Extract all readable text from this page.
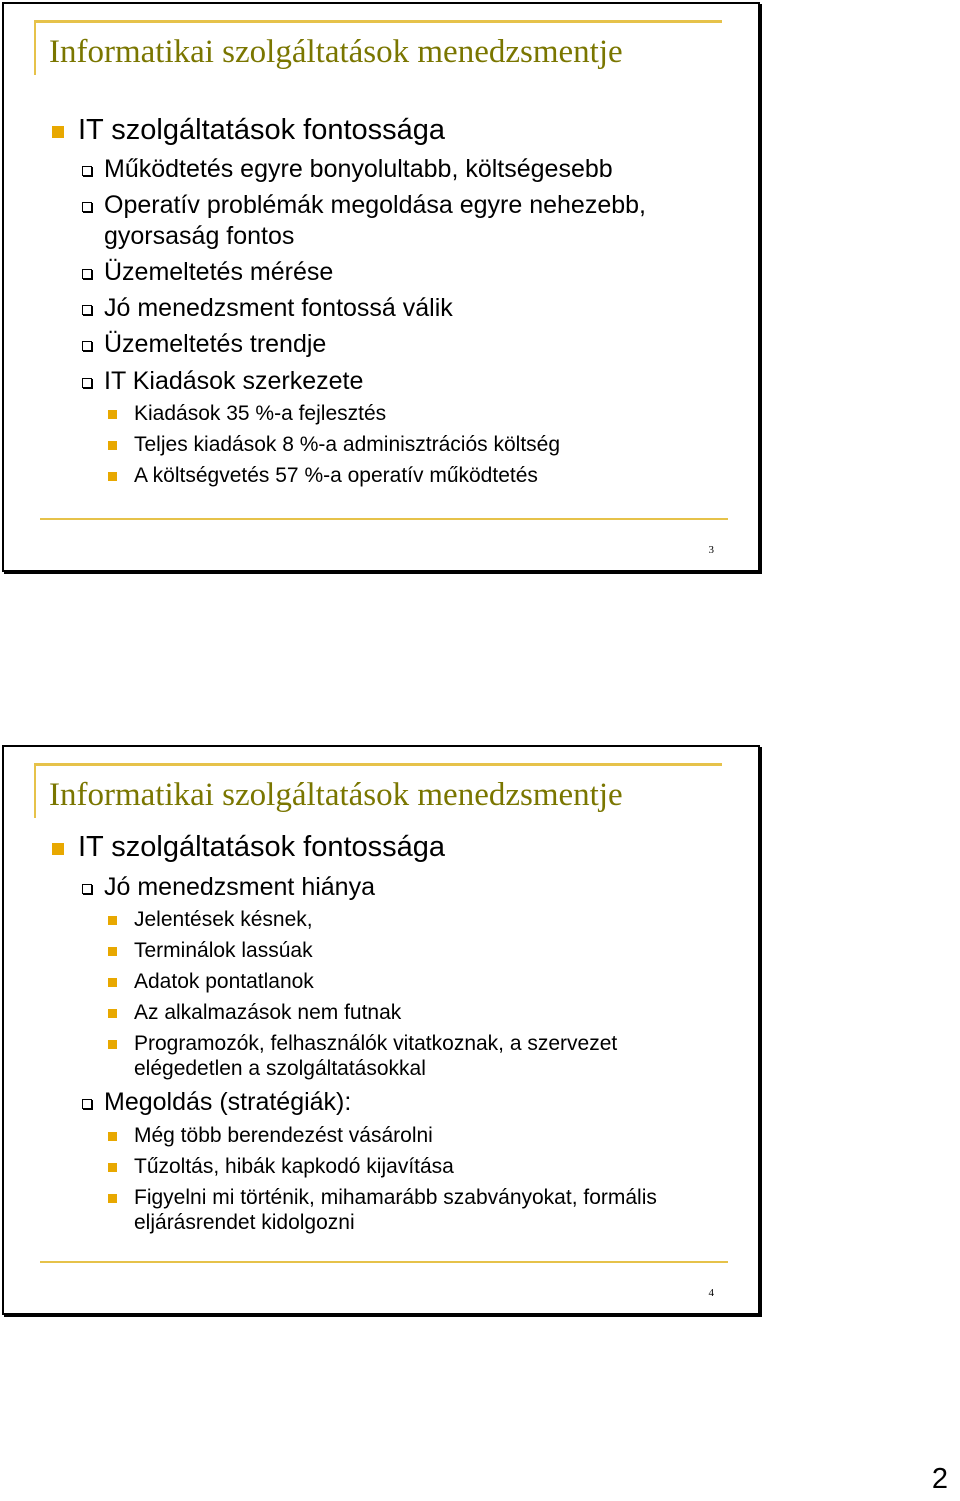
Informatikai szolgáltatások menedzsmentje
IT szolgáltatások fontossága
Működtetés egyre bonyolultabb, költségesebb
Operatív problémák megoldása egyre nehezebb,
gyorsaság fontos
Üzemeltetés mérése
Jó menedzsment fontossá válik
Üzemeltetés trendje
IT Kiadások szerkezete
Kiadások 35 %-a fejlesztés
Teljes kiadások 8 %-a adminisztrációs költség
A költségvetés 57 %-a operatív működtetés
3
Informatikai szolgáltatások menedzsmentje
IT szolgáltatások fontossága
Jó menedzsment hiánya
Jelentések késnek,
Terminálok lassúak
Adatok pontatlanok
Az alkalmazások nem futnak
Programozók, felhasználók vitatkoznak, a szervezet
elégedetlen a szolgáltatásokkal
Megoldás (stratégiák):
Még több berendezést vásárolni
Tűzoltás, hibák kapkodó kijavítása
Figyelni mi történik, mihamarább szabványokat, formális
eljárásrendet kidolgozni
4
2
